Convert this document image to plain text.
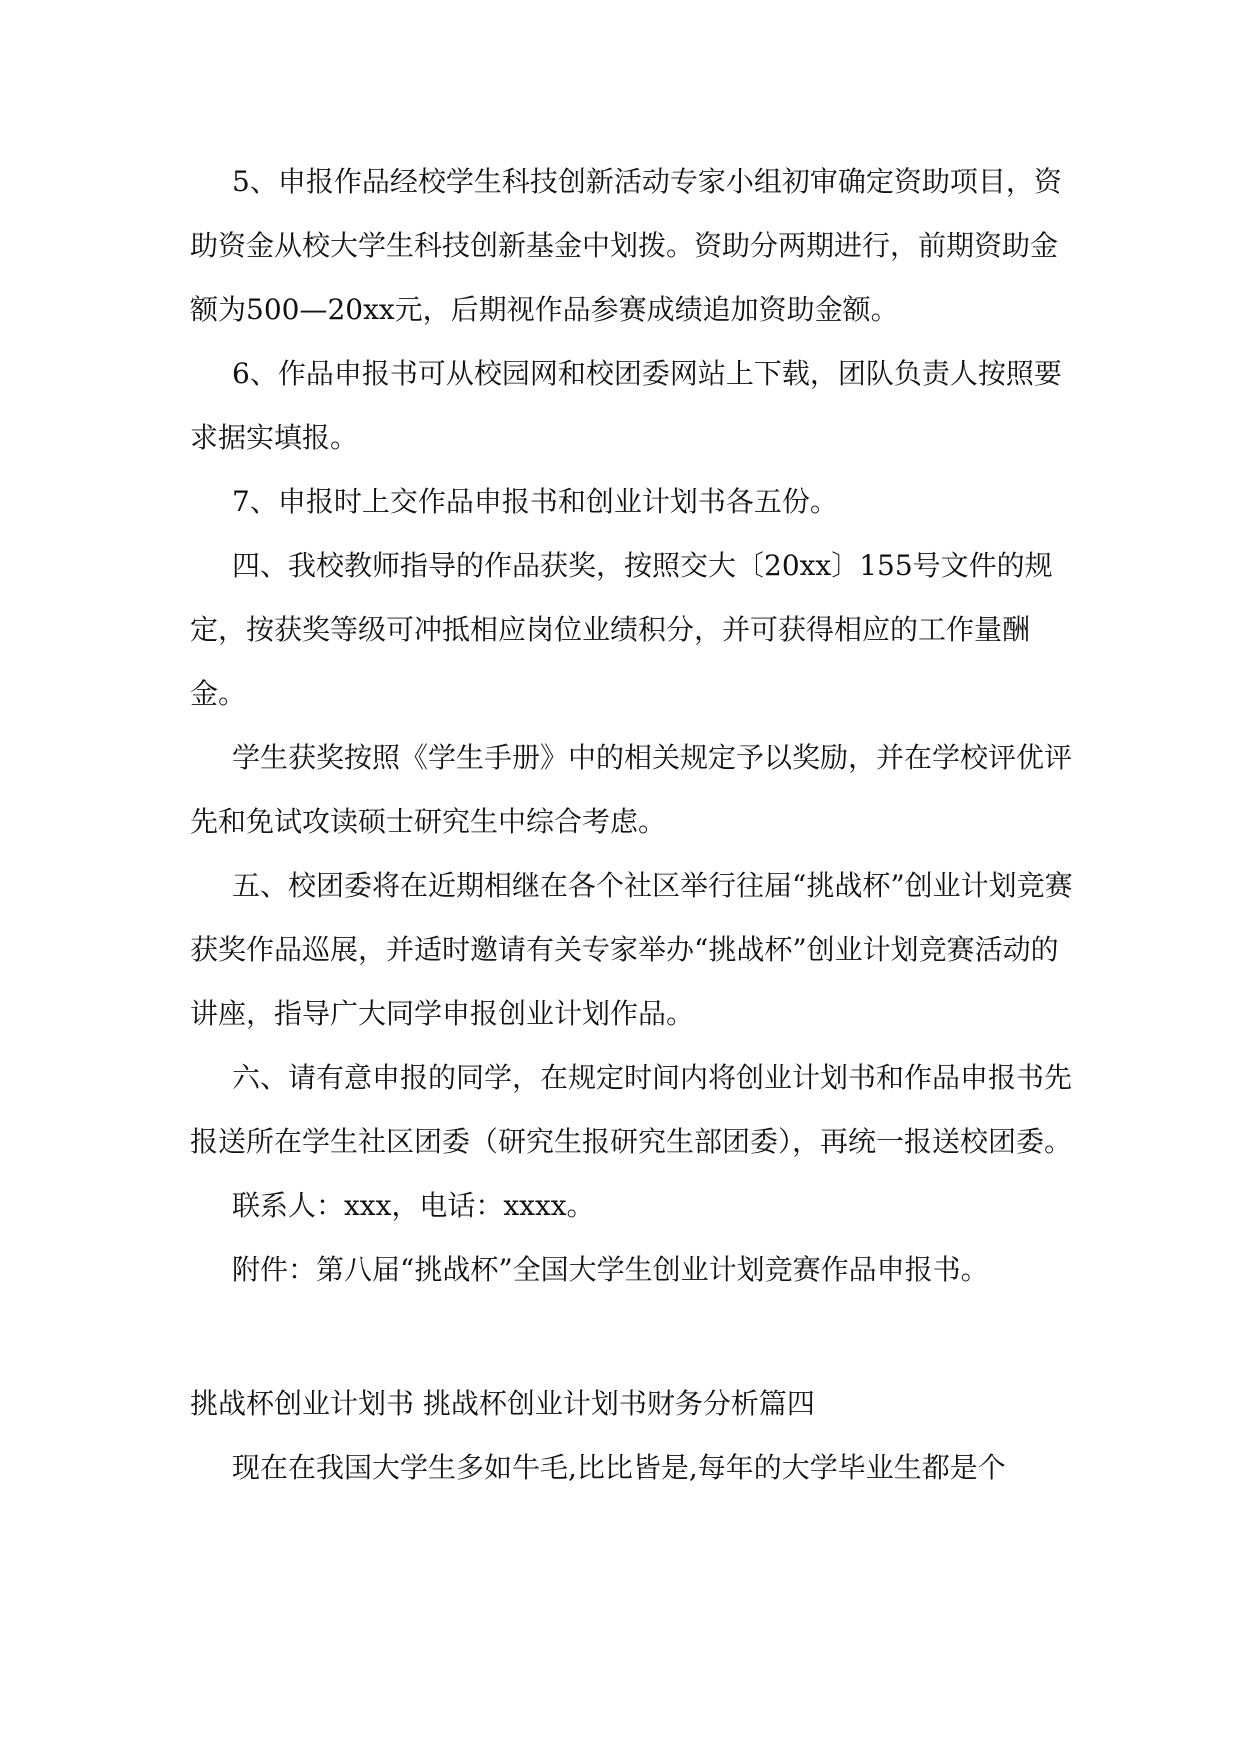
5、申报作品经校学生科技创新活动专家小组初审确定资助项目，资助资金从校大学生科技创新基金中划拨。资助分两期进行，前期资助金额为500—20xx元，后期视作品参赛成绩追加资助金额。

6、作品申报书可从校园网和校团委网站上下载，团队负责人按照要求据实填报。

7、申报时上交作品申报书和创业计划书各五份。

四、我校教师指导的作品获奖，按照交大〔20xx〕155号文件的规定，按获奖等级可冲抵相应岗位业绩积分，并可获得相应的工作量酬金。

学生获奖按照《学生手册》中的相关规定予以奖励，并在学校评优评先和免试攻读硕士研究生中综合考虑。

五、校团委将在近期相继在各个社区举行往届“挑战杯”创业计划竞赛获奖作品巡展，并适时邀请有关专家举办“挑战杯”创业计划竞赛活动的讲座，指导广大同学申报创业计划作品。

六、请有意申报的同学，在规定时间内将创业计划书和作品申报书先报送所在学生社区团委（研究生报研究生部团委），再统一报送校团委。

联系人：xxx，电话：xxxx。

附件：第八届“挑战杯”全国大学生创业计划竞赛作品申报书。

挑战杯创业计划书 挑战杯创业计划书财务分析篇四

现在在我国大学生多如牛毛,比比皆是,每年的大学毕业生都是个
